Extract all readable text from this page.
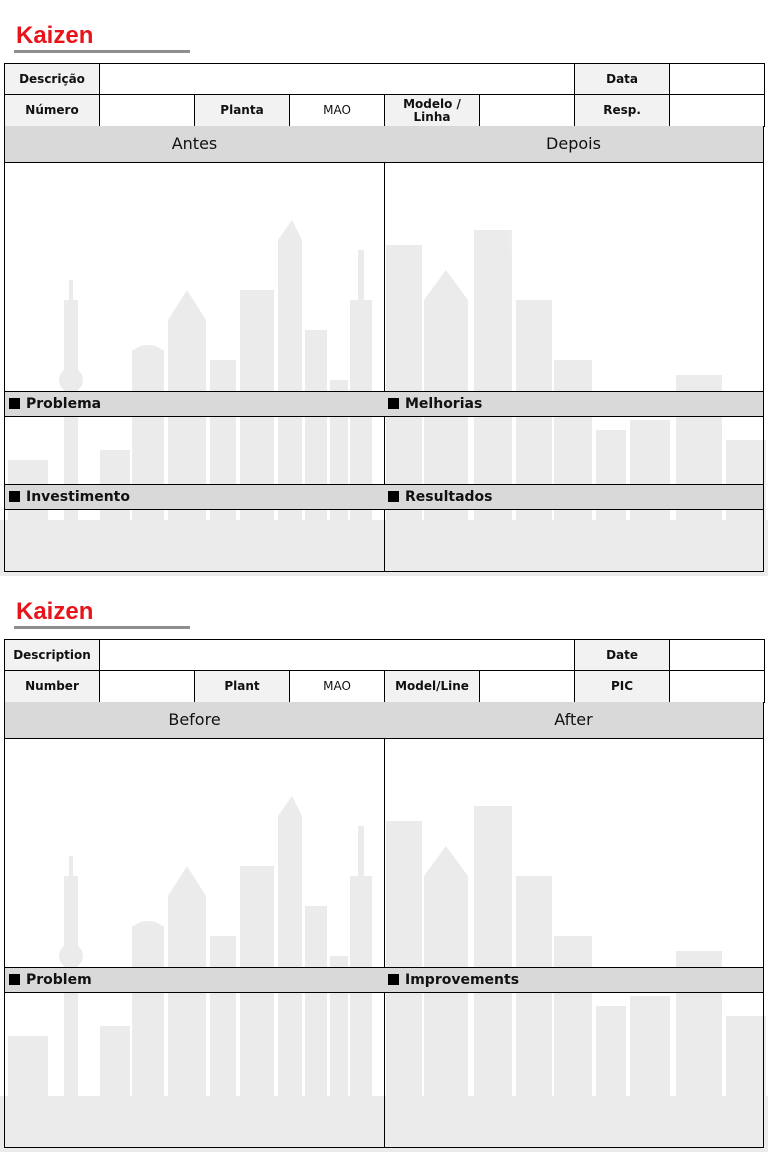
Kaizen
Descrição						Data	
Número		Planta	MAO	Modelo / Linha		Resp.	
Antes	Depois
Problema	Melhorias
Investimento	Resultados
Kaizen
Description						Date	
Number		Plant	MAO	Model/Line		PIC	
Before	After
Problem	Improvements
